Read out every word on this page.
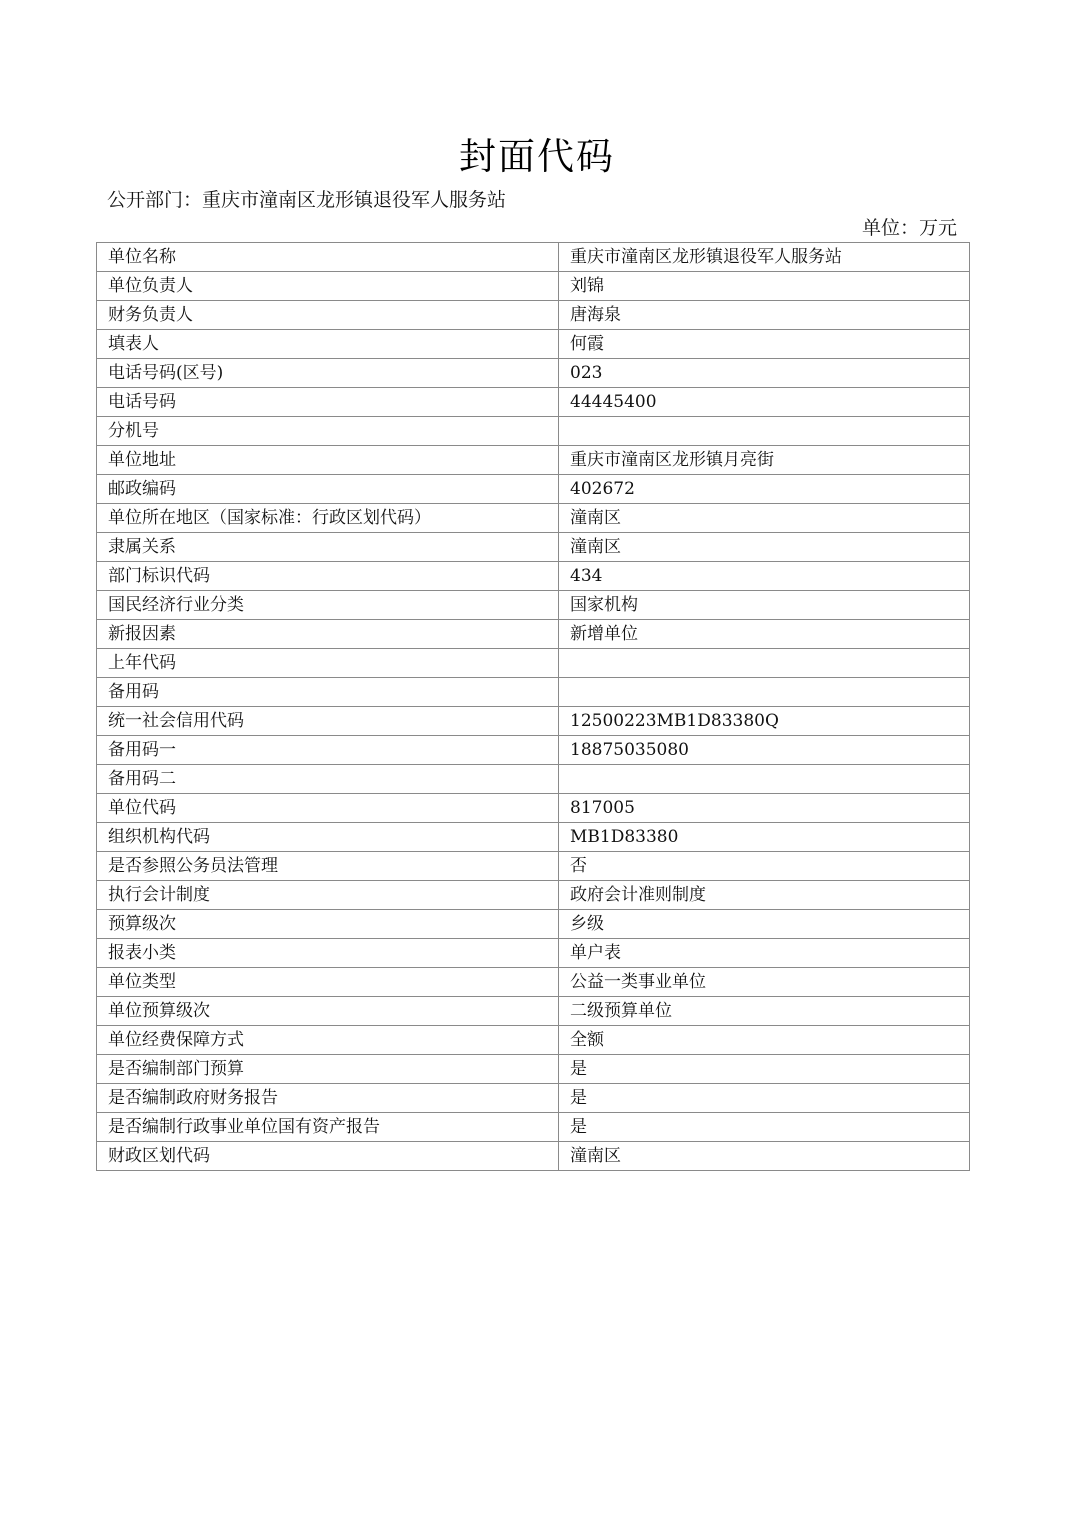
封面代码
公开部门：重庆市潼南区龙形镇退役军人服务站
单位：万元
单位名称	重庆市潼南区龙形镇退役军人服务站
单位负责人	刘锦
财务负责人	唐海泉
填表人	何霞
电话号码(区号)	023
电话号码	44445400
分机号	
单位地址	重庆市潼南区龙形镇月亮街
邮政编码	402672
单位所在地区（国家标准：行政区划代码）	潼南区
隶属关系	潼南区
部门标识代码	434
国民经济行业分类	国家机构
新报因素	新增单位
上年代码	
备用码	
统一社会信用代码	12500223MB1D83380Q
备用码一	18875035080
备用码二	
单位代码	817005
组织机构代码	MB1D83380
是否参照公务员法管理	否
执行会计制度	政府会计准则制度
预算级次	乡级
报表小类	单户表
单位类型	公益一类事业单位
单位预算级次	二级预算单位
单位经费保障方式	全额
是否编制部门预算	是
是否编制政府财务报告	是
是否编制行政事业单位国有资产报告	是
财政区划代码	潼南区
